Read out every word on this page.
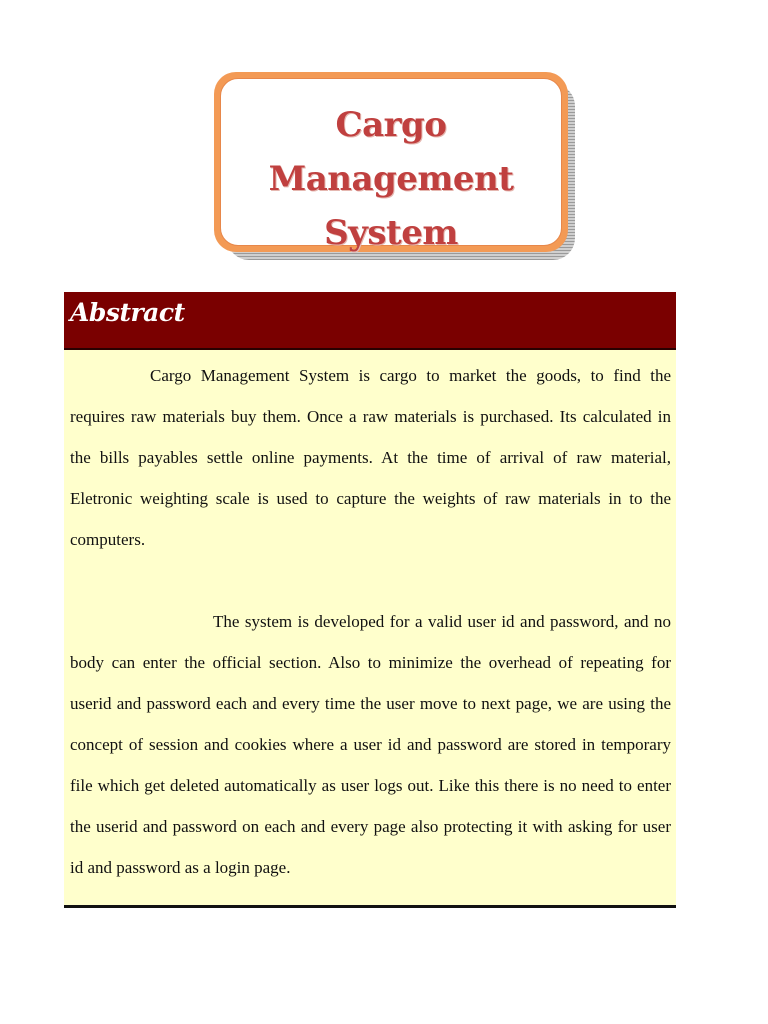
Cargo Management
System
Abstract

Cargo Management System is cargo to market the goods, to find the requires raw materials buy them. Once a raw materials is purchased. Its calculated in the bills payables settle online payments. At the time of arrival of raw material, Eletronic weighting scale is used to capture the weights of raw materials in to the computers.

The system is developed for a valid user id and password, and no body can enter the official section. Also to minimize the overhead of repeating for userid and password each and every time the user move to next page, we are using the concept of session and cookies where a user id and password are stored in temporary file which get deleted automatically as user logs out. Like this there is no need to enter the userid and password on each and every page also protecting it with asking for user id and password as a login page.
